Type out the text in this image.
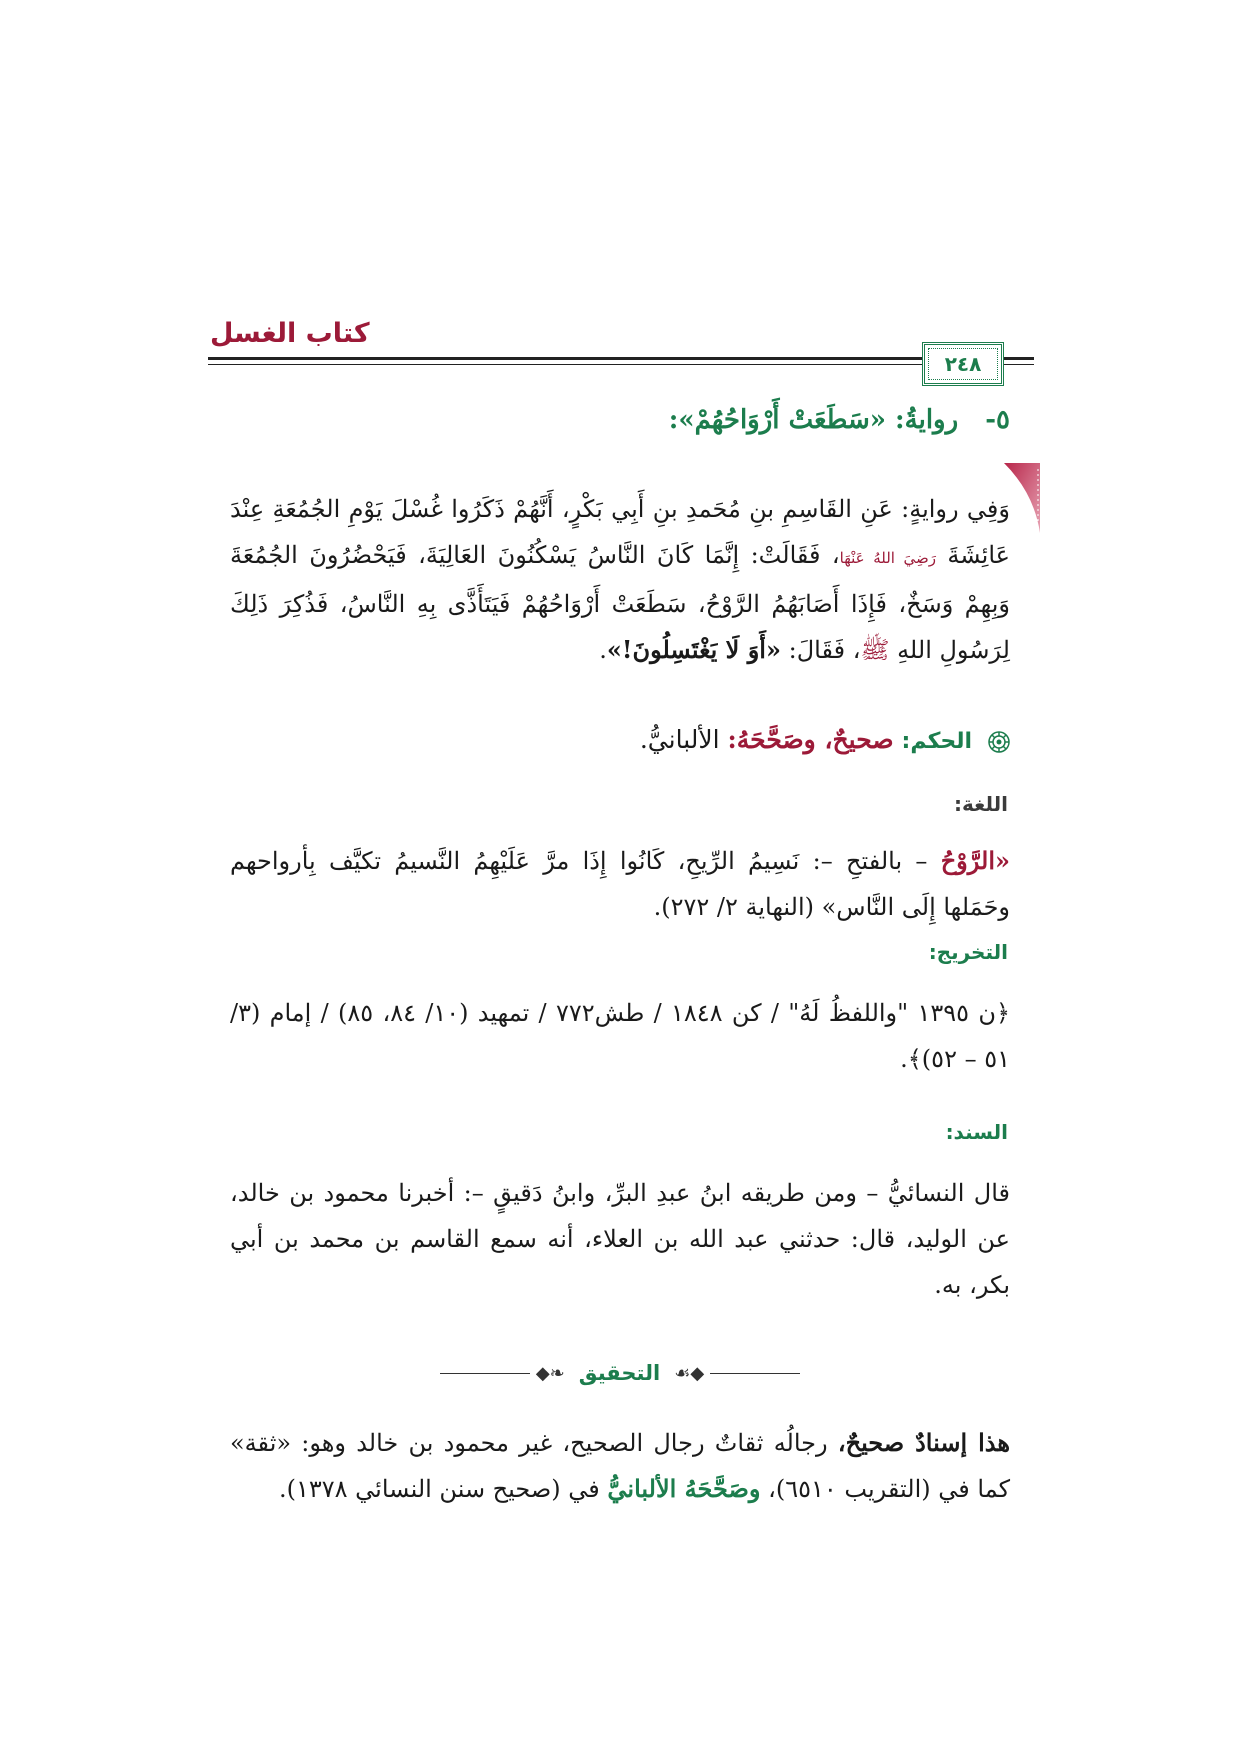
كتاب الغسل
٢٤٨
٥- روايةُ: «سَطَعَتْ أَرْوَاحُهُمْ»:
وَفِي روايةٍ: عَنِ القَاسِمِ بنِ مُحَمدِ بنِ أَبِي بَكْرٍ، أَنَّهُمْ ذَكَرُوا غُسْلَ يَوْمِ الجُمُعَةِ عِنْدَ عَائِشَةَ رَضِيَ اللهُ عَنْهَا، فَقَالَتْ: إِنَّمَا كَانَ النَّاسُ يَسْكُنُونَ العَالِيَةَ، فَيَحْضُرُونَ الجُمُعَةَ وَبِهِمْ وَسَخٌ، فَإِذَا أَصَابَهُمُ الرَّوْحُ، سَطَعَتْ أَرْوَاحُهُمْ فَيَتَأَذَّى بِهِ النَّاسُ، فَذُكِرَ ذَلِكَ لِرَسُولِ اللهِ ﷺ، فَقَالَ: «أَوَ لَا يَغْتَسِلُونَ!».
الحكم: صحيحٌ، وصَحَّحَهُ: الألبانيُّ.
اللغة:
«الرَّوْحُ – بالفتحِ –: نَسِيمُ الرِّيحِ، كَانُوا إِذَا مرَّ عَلَيْهِمُ النَّسيمُ تكيَّف بِأرواحهم وحَمَلها إِلَى النَّاس» (النهاية ٢/ ٢٧٢).
التخريج:
﴿ن ١٣٩٥ "واللفظُ لَهُ" / كن ١٨٤٨ / طش٧٧٢ / تمهيد (١٠/ ٨٤، ٨٥) / إمام (٣/ ٥١ – ٥٢)﴾.
السند:
قال النسائيُّ – ومن طريقه ابنُ عبدِ البرِّ، وابنُ دَقيقٍ –: أخبرنا محمود بن خالد، عن الوليد، قال: حدثني عبد الله بن العلاء، أنه سمع القاسم بن محمد بن أبي بكر، به.
◆❧ التحقيق ☙◆
هذا إسنادٌ صحيحٌ، رجالُه ثقاتٌ رجال الصحيح، غير محمود بن خالد وهو: «ثقة» كما في (التقريب ٦٥١٠)، وصَحَّحَهُ الألبانيُّ في (صحيح سنن النسائي ١٣٧٨).
